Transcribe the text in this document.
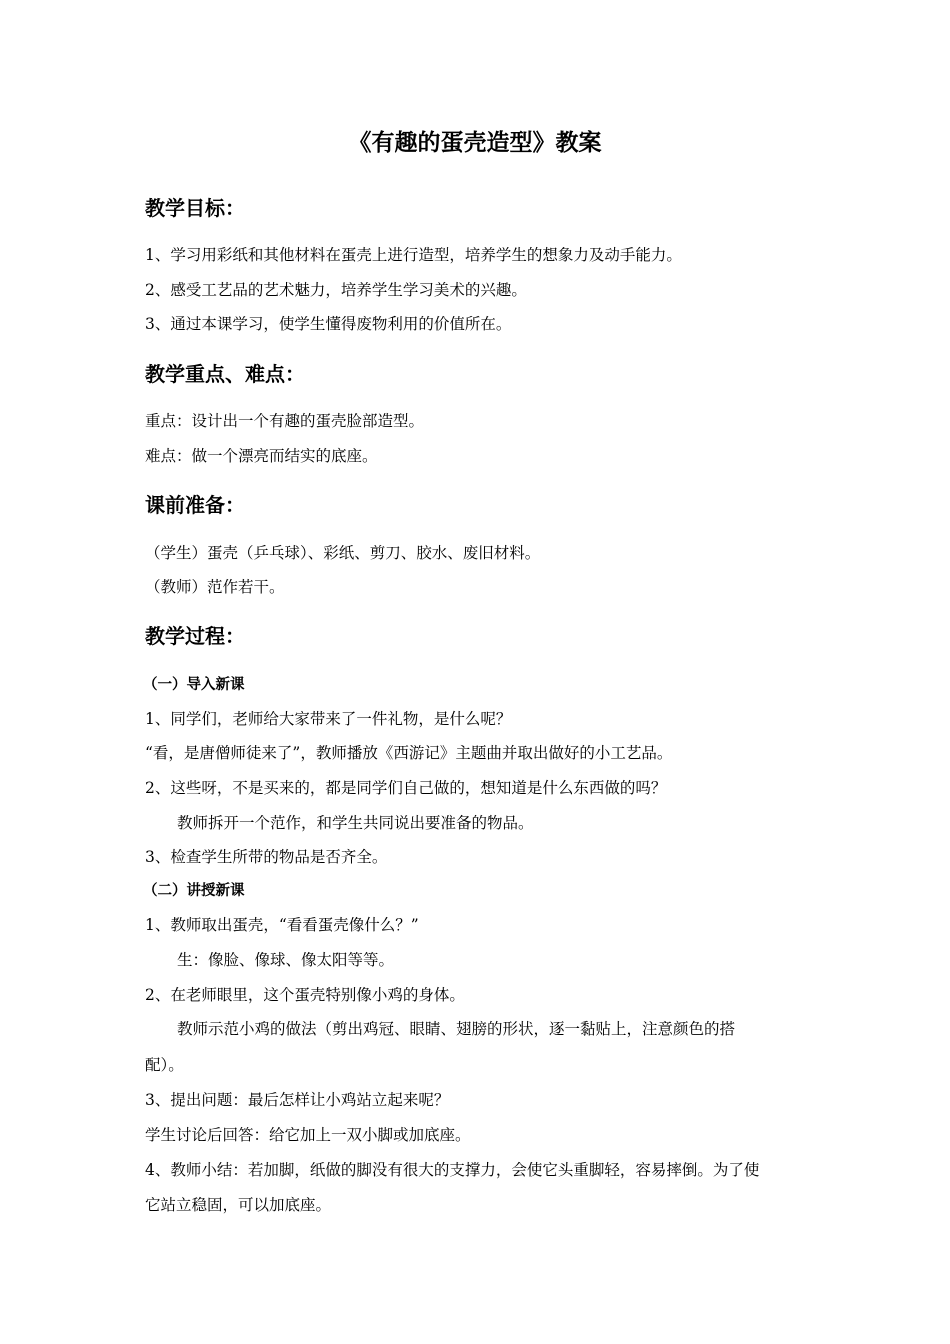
《有趣的蛋壳造型》教案
教学目标：
1、学习用彩纸和其他材料在蛋壳上进行造型，培养学生的想象力及动手能力。
2、感受工艺品的艺术魅力，培养学生学习美术的兴趣。
3、通过本课学习，使学生懂得废物利用的价值所在。
教学重点、难点：
重点：设计出一个有趣的蛋壳脸部造型。
难点：做一个漂亮而结实的底座。
课前准备：
（学生）蛋壳（乒乓球）、彩纸、剪刀、胶水、废旧材料。
（教师）范作若干。
教学过程：
（一）导入新课
1、同学们，老师给大家带来了一件礼物，是什么呢？
“看，是唐僧师徒来了”，教师播放《西游记》主题曲并取出做好的小工艺品。
2、这些呀，不是买来的，都是同学们自己做的，想知道是什么东西做的吗？
教师拆开一个范作，和学生共同说出要准备的物品。
3、检查学生所带的物品是否齐全。
（二）讲授新课
1、教师取出蛋壳，“看看蛋壳像什么？”
生：像脸、像球、像太阳等等。
2、在老师眼里，这个蛋壳特别像小鸡的身体。
教师示范小鸡的做法（剪出鸡冠、眼睛、翅膀的形状，逐一黏贴上，注意颜色的搭
配）。
3、提出问题：最后怎样让小鸡站立起来呢？
学生讨论后回答：给它加上一双小脚或加底座。
4、教师小结：若加脚，纸做的脚没有很大的支撑力，会使它头重脚轻，容易摔倒。为了使
它站立稳固，可以加底座。
